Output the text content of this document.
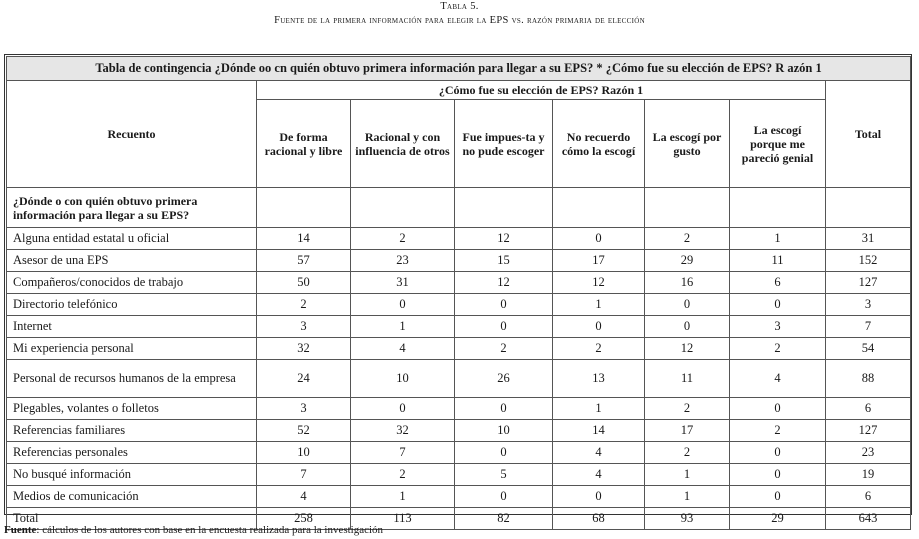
Tabla 5.
Fuente de la primera información para elegir la EPS vs. razón primaria de elección
Tabla de contingencia ¿Dónde oo cn quién obtuvo primera información para llegar a su EPS? * ¿Cómo fue su elección de EPS? R azón 1							
Recuento	¿Cómo fue su elección de EPS? Razón 1						Total
	De forma racional y libre	Racional y con influencia de otros	Fue impues-ta y no pude escoger	No recuerdo cómo la escogí	La escogí por gusto	La escogí porque me pareció genial	
¿Dónde o con quién obtuvo primera información para llegar a su EPS?							
Alguna entidad estatal u oficial	14	2	12	0	2	1	31
Asesor de una EPS	57	23	15	17	29	11	152
Compañeros/conocidos de trabajo	50	31	12	12	16	6	127
Directorio telefónico	2	0	0	1	0	0	3
Internet	3	1	0	0	0	3	7
Mi experiencia personal	32	4	2	2	12	2	54
Personal de recursos humanos de la empresa	24	10	26	13	11	4	88
Plegables, volantes o folletos	3	0	0	1	2	0	6
Referencias familiares	52	32	10	14	17	2	127
Referencias personales	10	7	0	4	2	0	23
No busqué información	7	2	5	4	1	0	19
Medios de comunicación	4	1	0	0	1	0	6
Total	258	113	82	68	93	29	643
Fuente: cálculos de los autores con base en la encuesta realizada para la investigación
